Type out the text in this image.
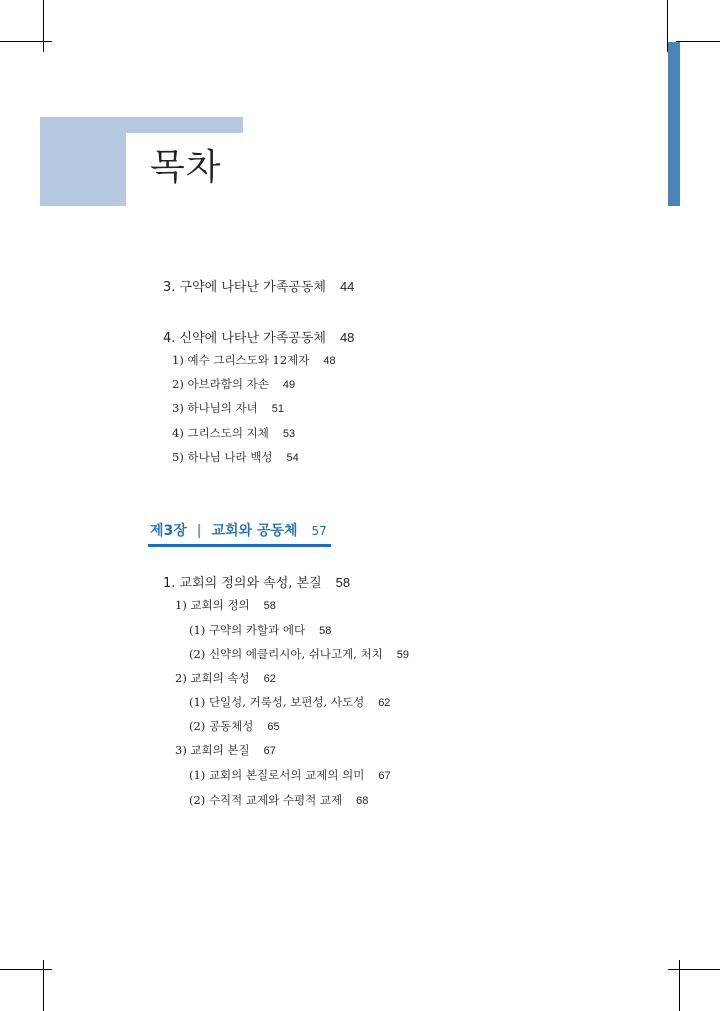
목차
3. 구약에 나타난 가족공동체 44
4. 신약에 나타난 가족공동체 48
1) 예수 그리스도와 12제자 48
2) 아브라함의 자손 49
3) 하나님의 자녀 51
4) 그리스도의 지체 53
5) 하나님 나라 백성 54
제3장 | 교회와 공동체 57
1. 교회의 정의와 속성, 본질 58
1) 교회의 정의 58
(1) 구약의 카할과 에다 58
(2) 신약의 에클리시아, 쉬나고게, 처치 59
2) 교회의 속성 62
(1) 단일성, 거룩성, 보편성, 사도성 62
(2) 공동체성 65
3) 교회의 본질 67
(1) 교회의 본질로서의 교제의 의미 67
(2) 수직적 교제와 수평적 교제 68
